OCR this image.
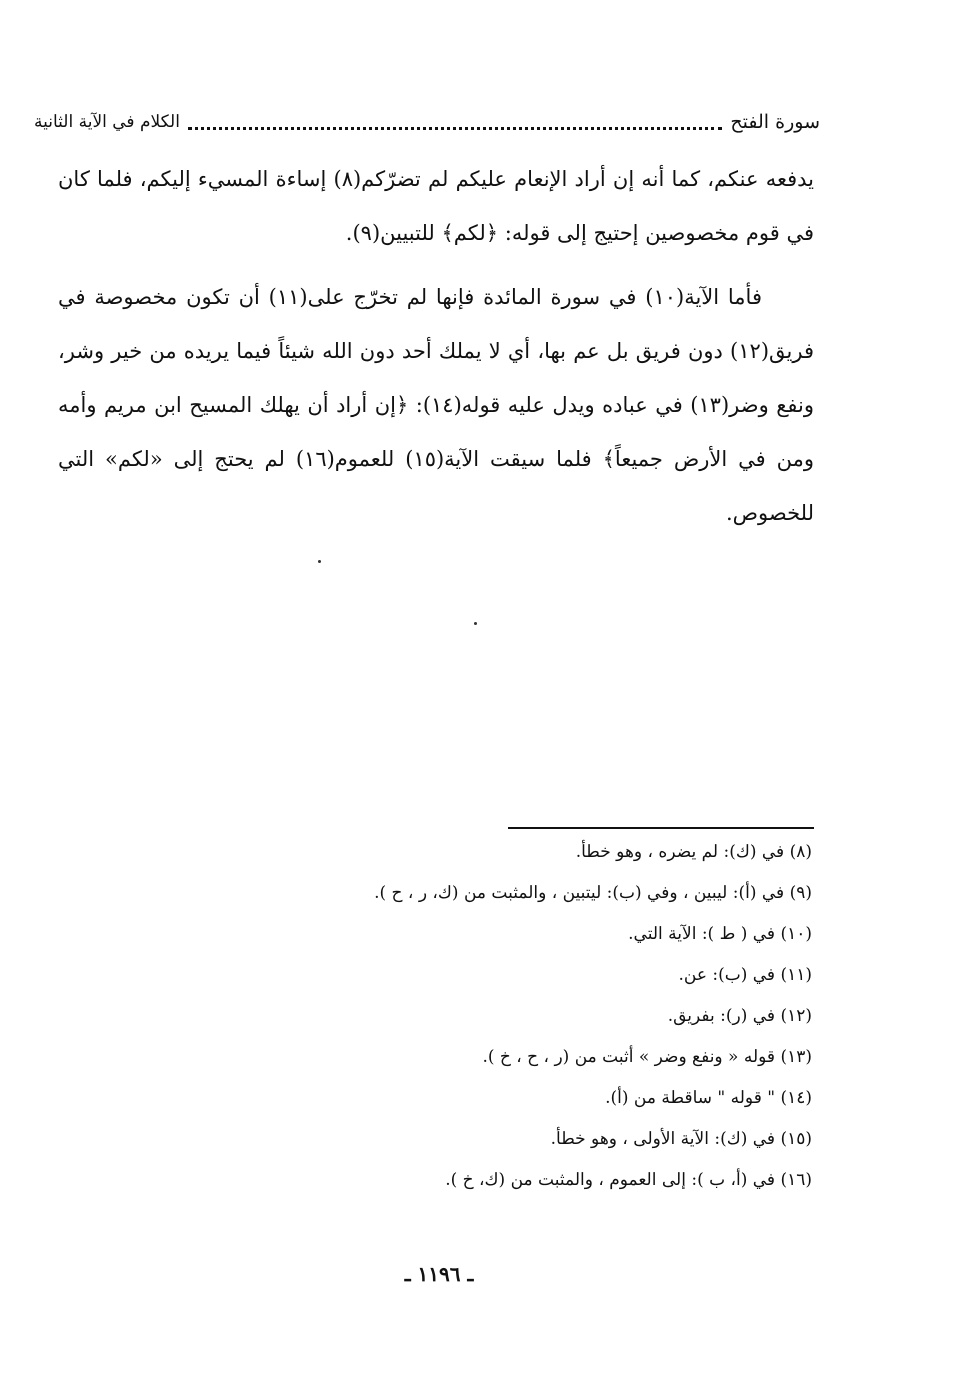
سورة الفتح
الكلام في الآية الثانية

يدفعه عنكم، كما أنه إن أراد الإنعام عليكم لم تضرّكم(٨) إساءة المسيء إليكم، فلما كان في قوم مخصوصين إحتيج إلى قوله: ﴿لكم﴾ للتبيين(٩).

فأما الآية(١٠) في سورة المائدة فإنها لم تخرّج على(١١) أن تكون مخصوصة في فريق(١٢) دون فريق بل عم بها، أي لا يملك أحد دون الله شيئاً فيما يريده من خير وشر، ونفع وضر(١٣) في عباده ويدل عليه قوله(١٤): ﴿إن أراد أن يهلك المسيح ابن مريم وأمه ومن في الأرض جميعاً﴾ فلما سيقت الآية(١٥) للعموم(١٦) لم يحتج إلى «لكم» التي للخصوص.

(٨) في (ك): لم يضره ، وهو خطأ.
(٩) في (أ): ليبين ، وفي (ب): ليتبين ، والمثبت من (ك، ر ، ح ).
(١٠) في ( ط ): الآية التي.
(١١) في (ب): عن.
(١٢) في (ر): بفريق.
(١٣) قوله « ونفع وضر » أثبت من (ر ، ح ، خ ).
(١٤) " قوله " ساقطة من (أ).
(١٥) في (ك): الآية الأولى ، وهو خطأ.
(١٦) في (أ، ب ): إلى العموم ، والمثبت من (ك، خ ).
ـ ١١٩٦ ـ
